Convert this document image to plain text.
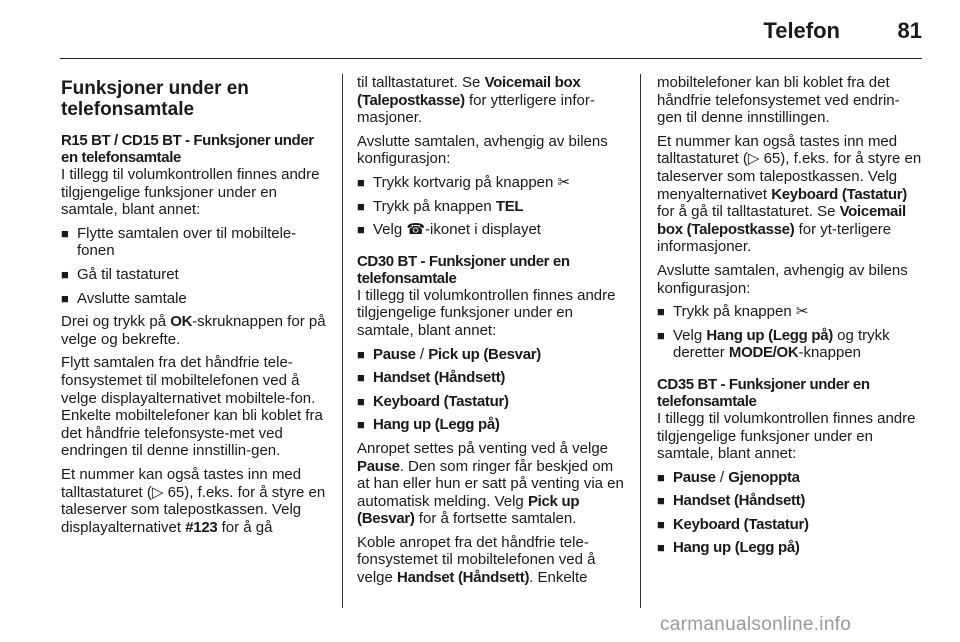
Telefon	81
Funksjoner under en telefonsamtale
R15 BT / CD15 BT - Funksjoner under en telefonsamtale

I tillegg til volumkontrollen finnes andre tilgjengelige funksjoner under en samtale, blant annet:

■ Flytte samtalen over til mobiltele-fonen
■ Gå til tastaturet
■ Avslutte samtale

Drei og trykk på OK-skruknappen for på velge og bekrefte.

Flytt samtalen fra det håndfrie tele-fonsystemet til mobiltelefonen ved å velge displayalternativet mobiltele-fon. Enkelte mobiltelefoner kan bli koblet fra det håndfrie telefonsyste-met ved endringen til denne innstillin-gen.

Et nummer kan også tastes inn med talltastaturet (▷ 65), f.eks. for å styre en taleserver som talepostkassen. Velg displayalternativet #123 for å gå

til talltastaturet. Se Voicemail box (Talepostkasse) for ytterligere infor-masjoner.

Avslutte samtalen, avhengig av bilens konfigurasjon:

■ Trykk kortvarig på knappen ✂
■ Trykk på knappen TEL
■ Velg ☎-ikonet i displayet
CD30 BT - Funksjoner under en telefonsamtale

I tillegg til volumkontrollen finnes andre tilgjengelige funksjoner under en samtale, blant annet:

■ Pause / Pick up (Besvar)
■ Handset (Håndsett)
■ Keyboard (Tastatur)
■ Hang up (Legg på)

Anropet settes på venting ved å velge Pause. Den som ringer får beskjed om at han eller hun er satt på venting via en automatisk melding. Velg Pick up (Besvar) for å fortsette samtalen.

Koble anropet fra det håndfrie tele-fonsystemet til mobiltelefonen ved å velge Handset (Håndsett). Enkelte

mobiltelefoner kan bli koblet fra det håndfrie telefonsystemet ved endrin-gen til denne innstillingen.

Et nummer kan også tastes inn med talltastaturet (▷ 65), f.eks. for å styre en taleserver som talepostkassen. Velg menyalternativet Keyboard (Tastatur) for å gå til talltastaturet. Se Voicemail box (Talepostkasse) for yt-terligere informasjoner.

Avslutte samtalen, avhengig av bilens konfigurasjon:

■ Trykk på knappen ✂
■ Velg Hang up (Legg på) og trykk deretter MODE/OK-knappen
CD35 BT - Funksjoner under en telefonsamtale

I tillegg til volumkontrollen finnes andre tilgjengelige funksjoner under en samtale, blant annet:

■ Pause / Gjenoppta
■ Handset (Håndsett)
■ Keyboard (Tastatur)
■ Hang up (Legg på)
carmanualsonline.info
